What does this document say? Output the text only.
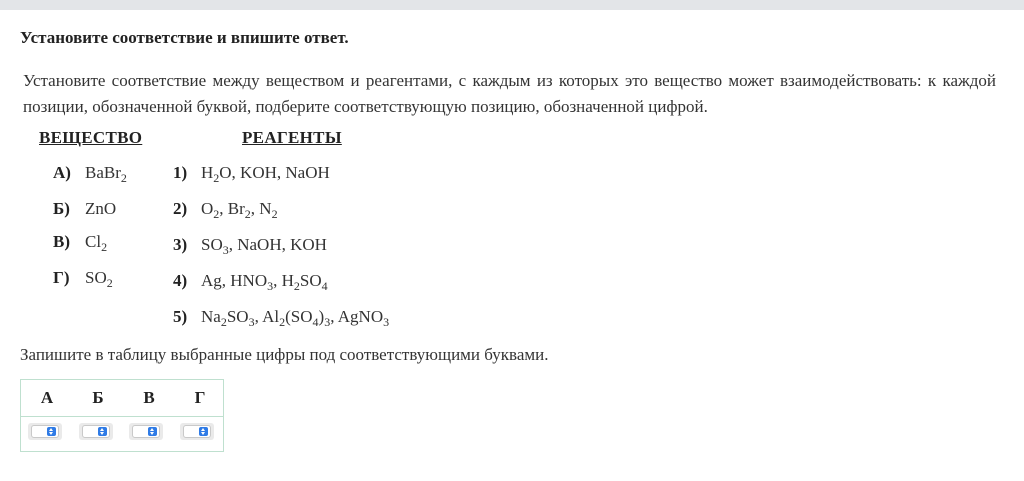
Установите соответствие и впишите ответ.
Установите соответствие между веществом и реагентами, с каждым из которых это вещество может взаимодействовать: к каждой позиции, обозначенной буквой, подберите соответствующую позицию, обозначенной цифрой.
ВЕЩЕСТВО	РЕАГЕНТЫ
А) BaBr$_2$
Б) ZnO
В) $Cl_2$
Г) $SO_2$
1) $H_2O$, KOH, NaOH
2) $O_2$, $Br_2$, $N_2$
3) $SO_3$, NaOH, KOH
4) Ag, $HNO_3$, $H_2SO_4$
5) $Na_2SO_3$, $Al_2(SO_4)_3$, AgNO$_3$
Запишите в таблицу выбранные цифры под соответствующими буквами.
А	Б	В	Г
